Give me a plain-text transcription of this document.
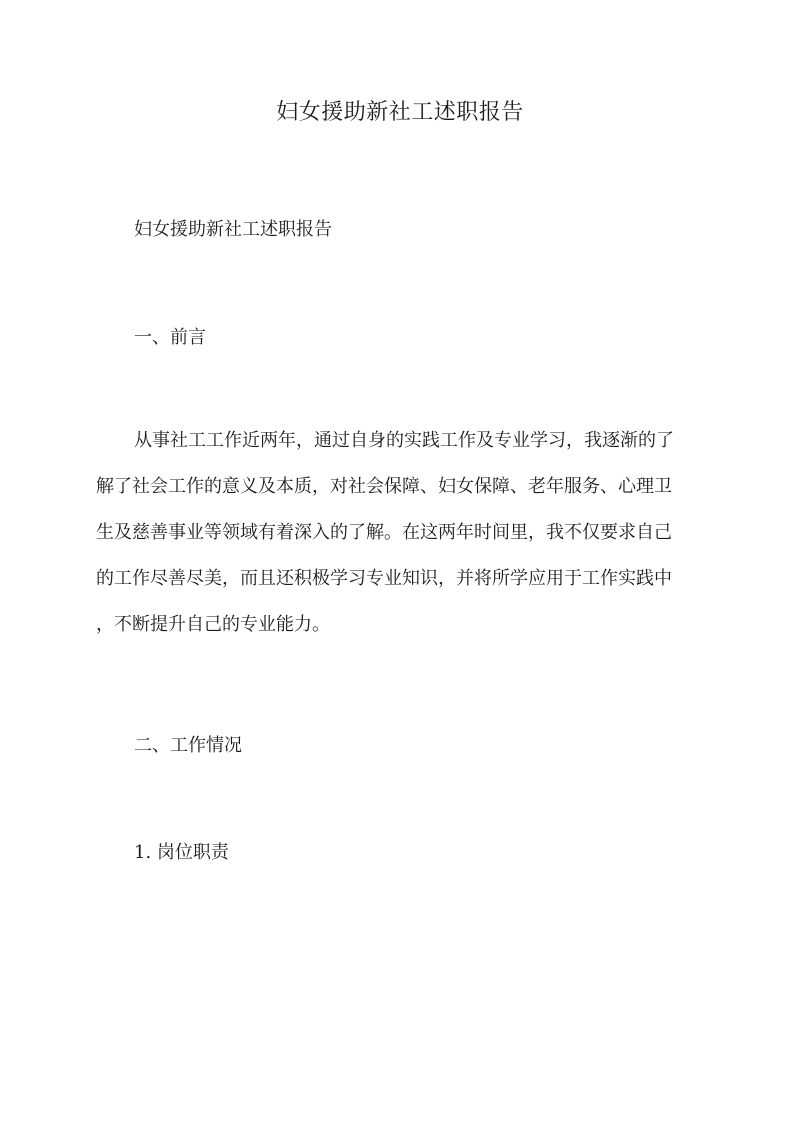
妇女援助新社工述职报告
妇女援助新社工述职报告
一、前言
从事社工工作近两年，通过自身的实践工作及专业学习，我逐渐的了
解了社会工作的意义及本质，对社会保障、妇女保障、老年服务、心理卫
生及慈善事业等领域有着深入的了解。在这两年时间里，我不仅要求自己
的工作尽善尽美，而且还积极学习专业知识，并将所学应用于工作实践中
，不断提升自己的专业能力。
二、工作情况
1. 岗位职责
